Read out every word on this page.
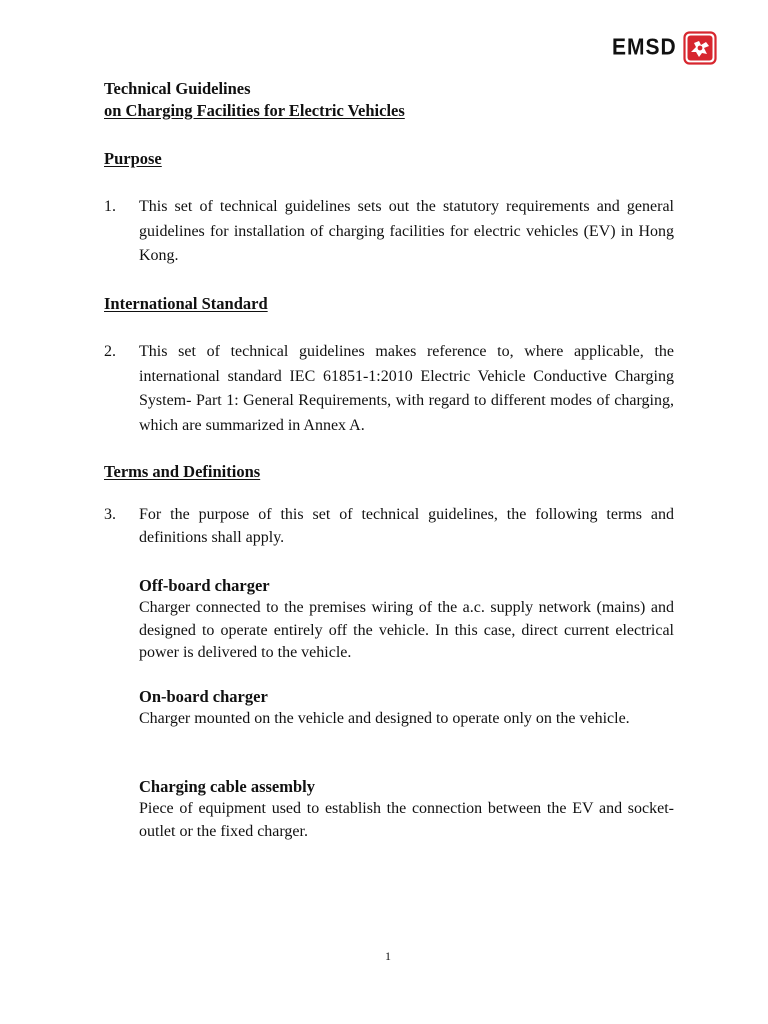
EMSD

Technical Guidelines

on Charging Facilities for Electric Vehicles

Purpose

1.	This set of technical guidelines sets out the statutory requirements and general guidelines for installation of charging facilities for electric vehicles (EV) in Hong Kong.

International Standard

2.	This set of technical guidelines makes reference to, where applicable, the international standard IEC 61851-1:2010 Electric Vehicle Conductive Charging System- Part 1: General Requirements, with regard to different modes of charging, which are summarized in Annex A.

Terms and Definitions

3.	For the purpose of this set of technical guidelines, the following terms and definitions shall apply.
Off-board charger
Charger connected to the premises wiring of the a.c. supply network (mains) and designed to operate entirely off the vehicle. In this case, direct current electrical power is delivered to the vehicle.
On-board charger
Charger mounted on the vehicle and designed to operate only on the vehicle.
Charging cable assembly
Piece of equipment used to establish the connection between the EV and socket-outlet or the fixed charger.
1
